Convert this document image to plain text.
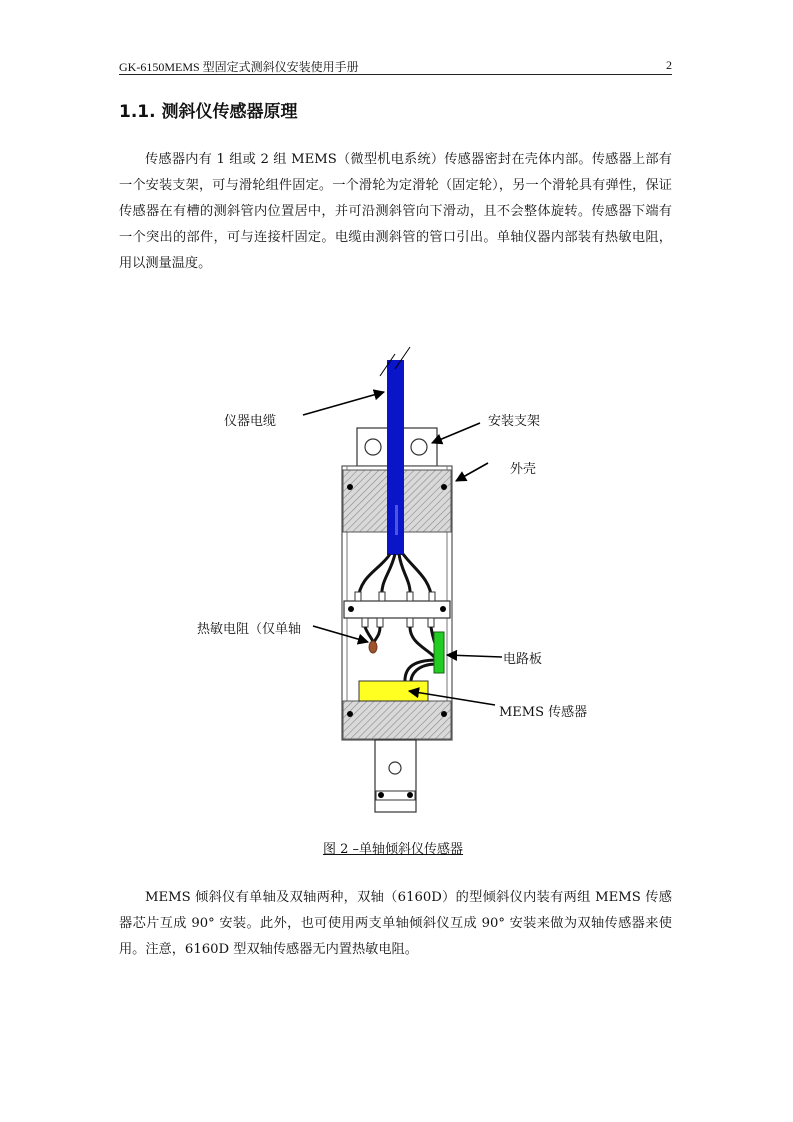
GK-6150MEMS 型固定式测斜仪安装使用手册	2
1.1. 测斜仪传感器原理
传感器内有 1 组或 2 组 MEMS（微型机电系统）传感器密封在壳体内部。传感器上部有一个安装支架，可与滑轮组件固定。一个滑轮为定滑轮（固定轮），另一个滑轮具有弹性，保证传感器在有槽的测斜管内位置居中，并可沿测斜管向下滑动，且不会整体旋转。传感器下端有一个突出的部件，可与连接杆固定。电缆由测斜管的管口引出。单轴仪器内部装有热敏电阻，用以测量温度。
仪器电缆	安装支架
外壳
热敏电阻（仅单轴
电路板
MEMS 传感器
图 2 –单轴倾斜仪传感器
MEMS 倾斜仪有单轴及双轴两种，双轴（6160D）的型倾斜仪内装有两组 MEMS 传感器芯片互成 90° 安装。此外，也可使用两支单轴倾斜仪互成 90° 安装来做为双轴传感器来使用。注意，6160D 型双轴传感器无内置热敏电阻。
